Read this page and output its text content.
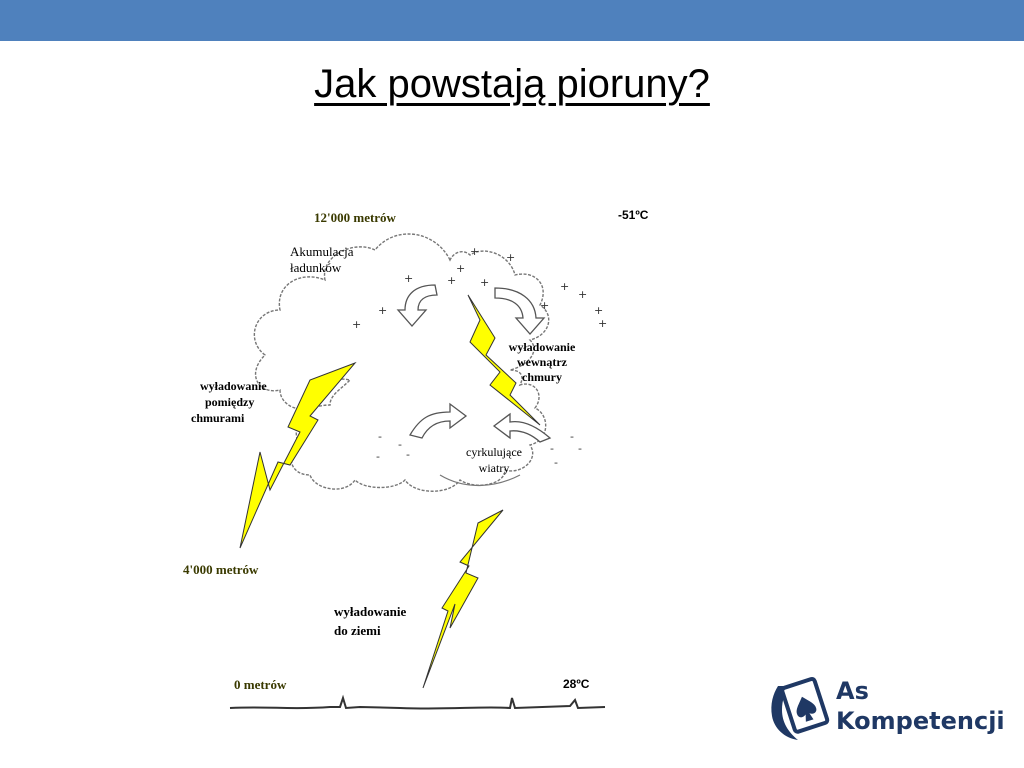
Jak powstają pioruny?
+ +
+
+
+
+	+
+
+
+	+	+
+
-
-
-
-
-
-
-
-
12'000 metrów	-51ºC
Akumulacja
ładunków
wyładowanie
wewnątrz
chmury
wyładowanie
pomiędzy
chmurami
cyrkulujące
wiatry
4'000 metrów
wyładowanie
do ziemi
0 metrów	28ºC	As
Kompetencji
